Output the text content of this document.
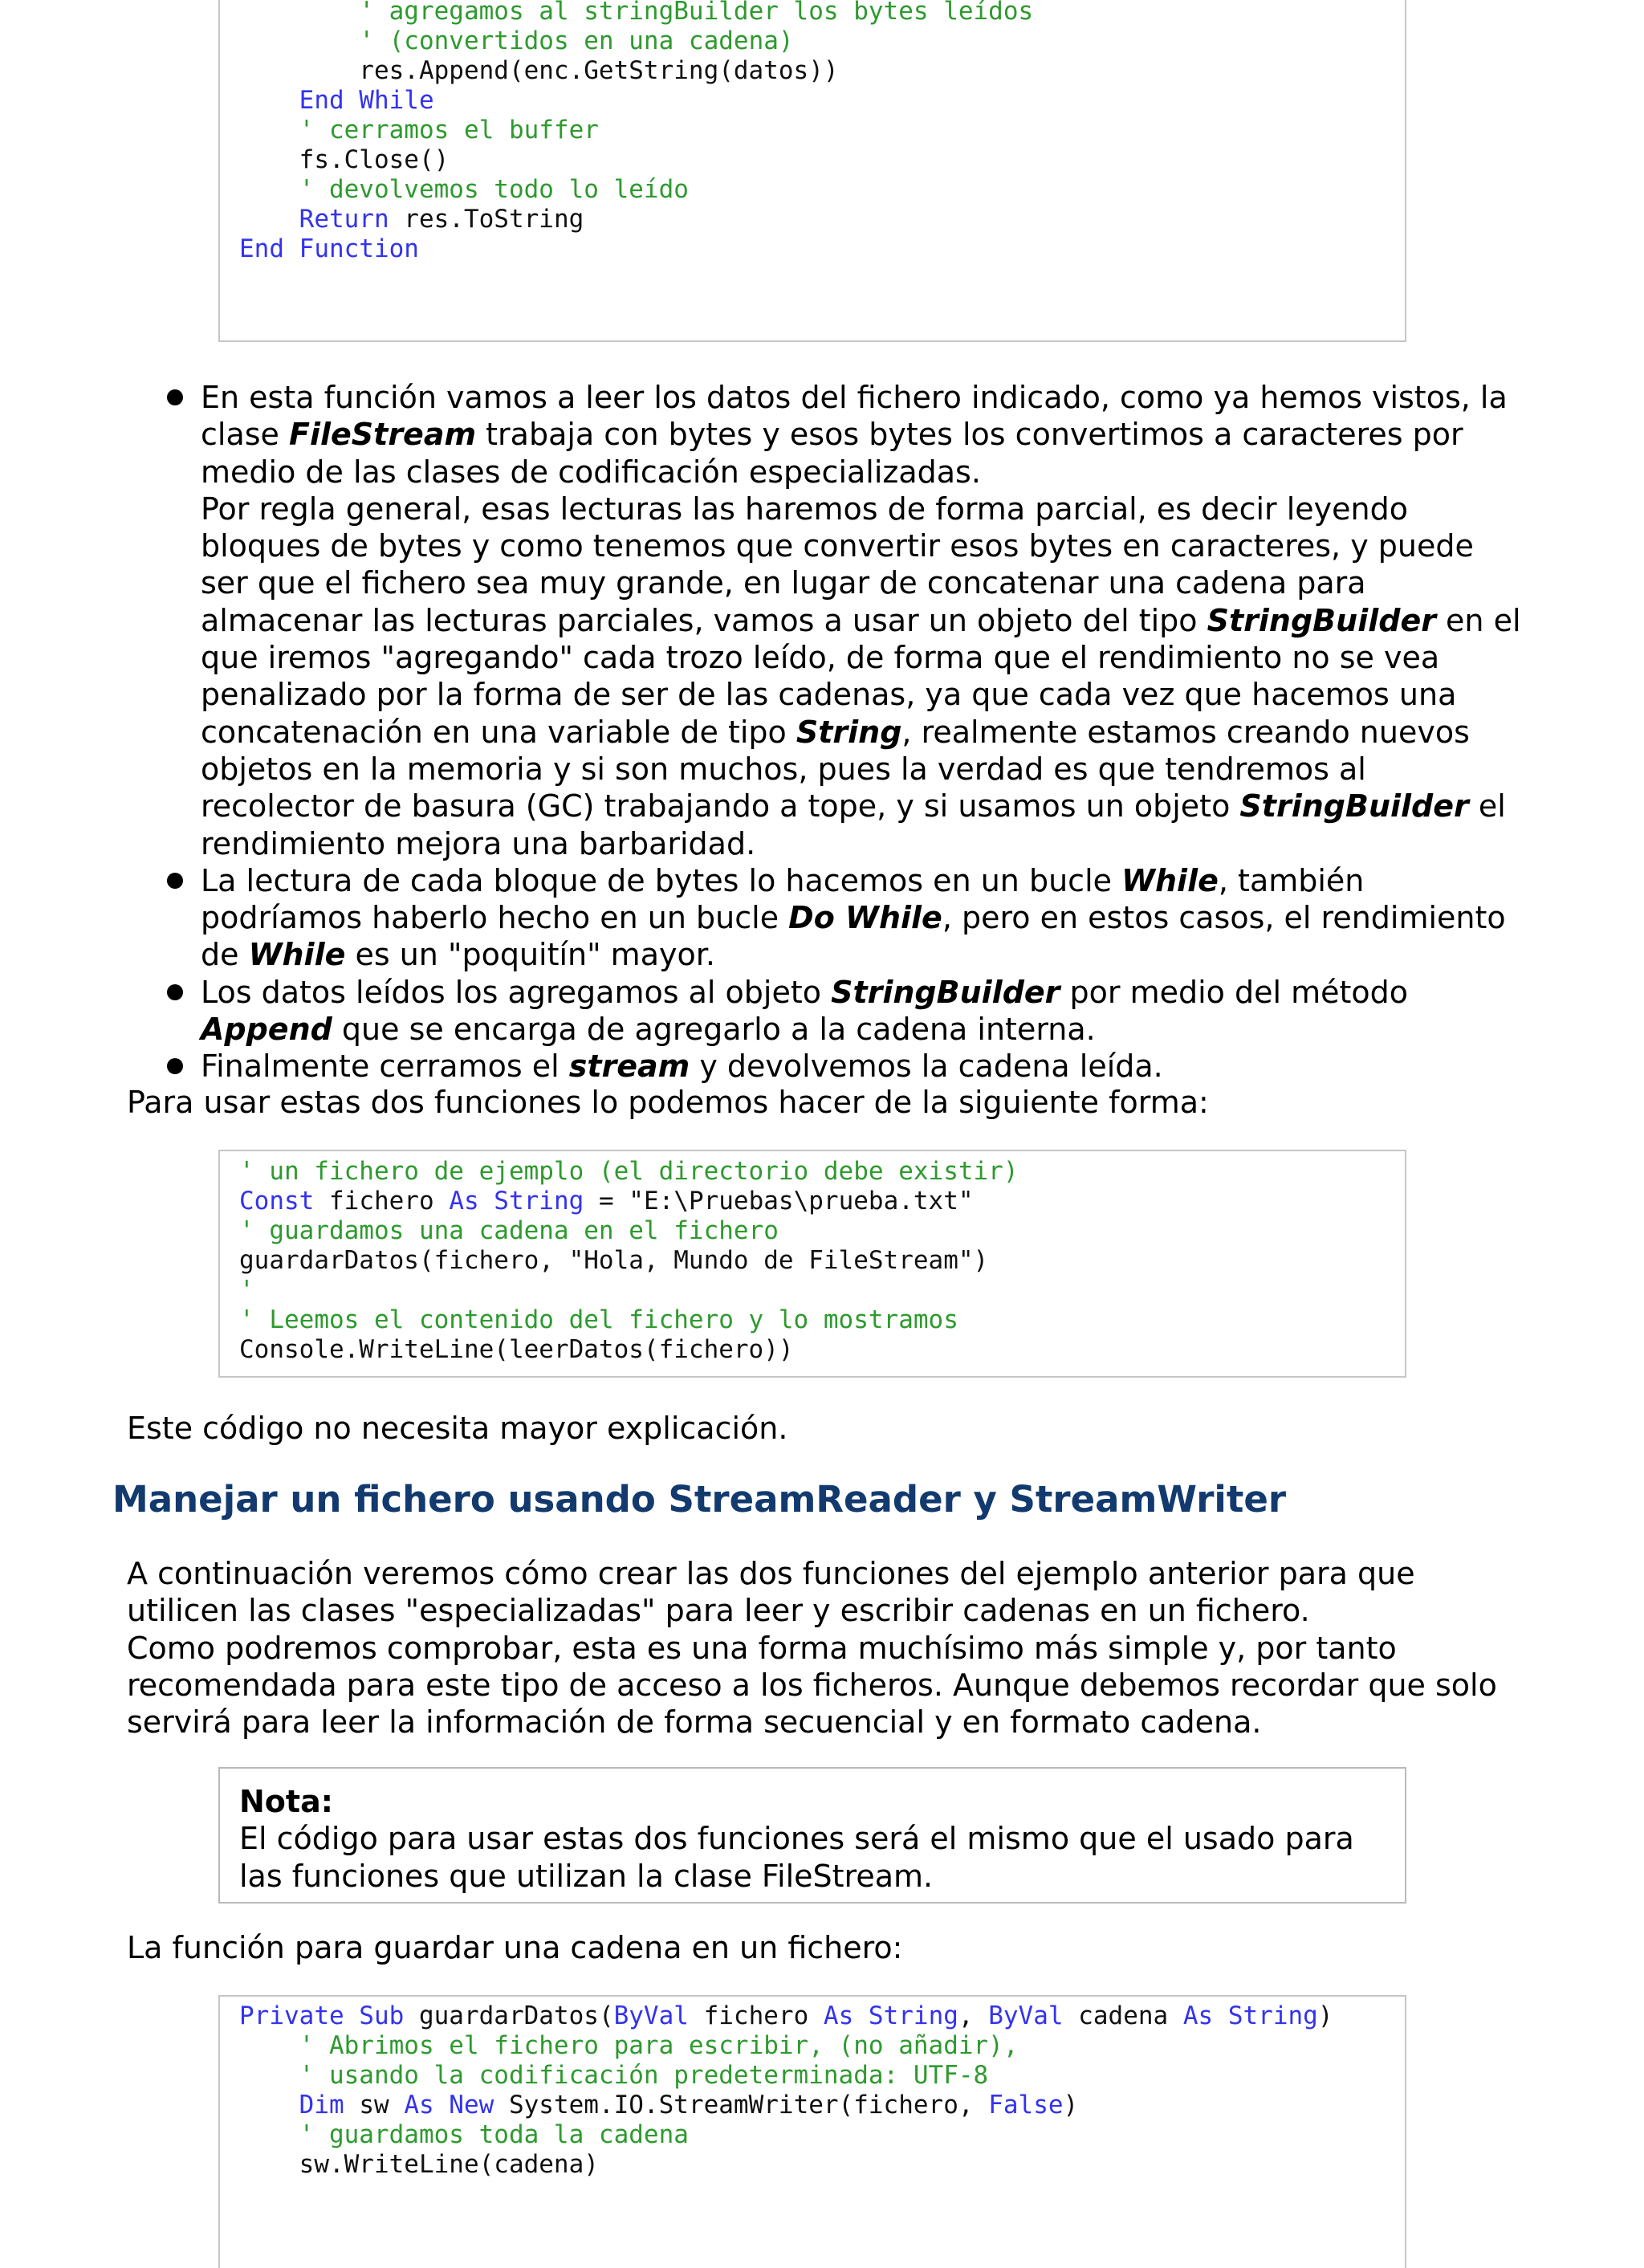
' agregamos al stringBuilder los bytes leídos
' (convertidos en una cadena)
res.Append(enc.GetString(datos))
End While
' cerramos el buffer
fs.Close()
' devolvemos todo lo leído
Return res.ToString
End Function

En esta función vamos a leer los datos del fichero indicado, como ya hemos vistos, la clase FileStream trabaja con bytes y esos bytes los convertimos a caracteres por medio de las clases de codificación especializadas.

Por regla general, esas lecturas las haremos de forma parcial, es decir leyendo bloques de bytes y como tenemos que convertir esos bytes en caracteres, y puede ser que el fichero sea muy grande, en lugar de concatenar una cadena para almacenar las lecturas parciales, vamos a usar un objeto del tipo StringBuilder en el que iremos "agregando" cada trozo leído, de forma que el rendimiento no se vea penalizado por la forma de ser de las cadenas, ya que cada vez que hacemos una concatenación en una variable de tipo String, realmente estamos creando nuevos objetos en la memoria y si son muchos, pues la verdad es que tendremos al recolector de basura (GC) trabajando a tope, y si usamos un objeto StringBuilder el rendimiento mejora una barbaridad.

La lectura de cada bloque de bytes lo hacemos en un bucle While, también podríamos haberlo hecho en un bucle Do While, pero en estos casos, el rendimiento de While es un "poquitín" mayor.

Los datos leídos los agregamos al objeto StringBuilder por medio del método Append que se encarga de agregarlo a la cadena interna.

Finalmente cerramos el stream y devolvemos la cadena leída.

Para usar estas dos funciones lo podemos hacer de la siguiente forma:

' un fichero de ejemplo (el directorio debe existir)
Const fichero As String = "E:\Pruebas\prueba.txt"
' guardamos una cadena en el fichero
guardarDatos(fichero, "Hola, Mundo de FileStream")
'
' Leemos el contenido del fichero y lo mostramos
Console.WriteLine(leerDatos(fichero))

Este código no necesita mayor explicación.

Manejar un fichero usando StreamReader y StreamWriter
A continuación veremos cómo crear las dos funciones del ejemplo anterior para que utilicen las clases "especializadas" para leer y escribir cadenas en un fichero.
Como podremos comprobar, esta es una forma muchísimo más simple y, por tanto recomendada para este tipo de acceso a los ficheros. Aunque debemos recordar que solo servirá para leer la información de forma secuencial y en formato cadena.
Nota:
El código para usar estas dos funciones será el mismo que el usado para las funciones que utilizan la clase FileStream.

La función para guardar una cadena en un fichero:

Private Sub guardarDatos(ByVal fichero As String, ByVal cadena As String)
' Abrimos el fichero para escribir, (no añadir),
' usando la codificación predeterminada: UTF-8
Dim sw As New System.IO.StreamWriter(fichero, False)
' guardamos toda la cadena
sw.WriteLine(cadena)
